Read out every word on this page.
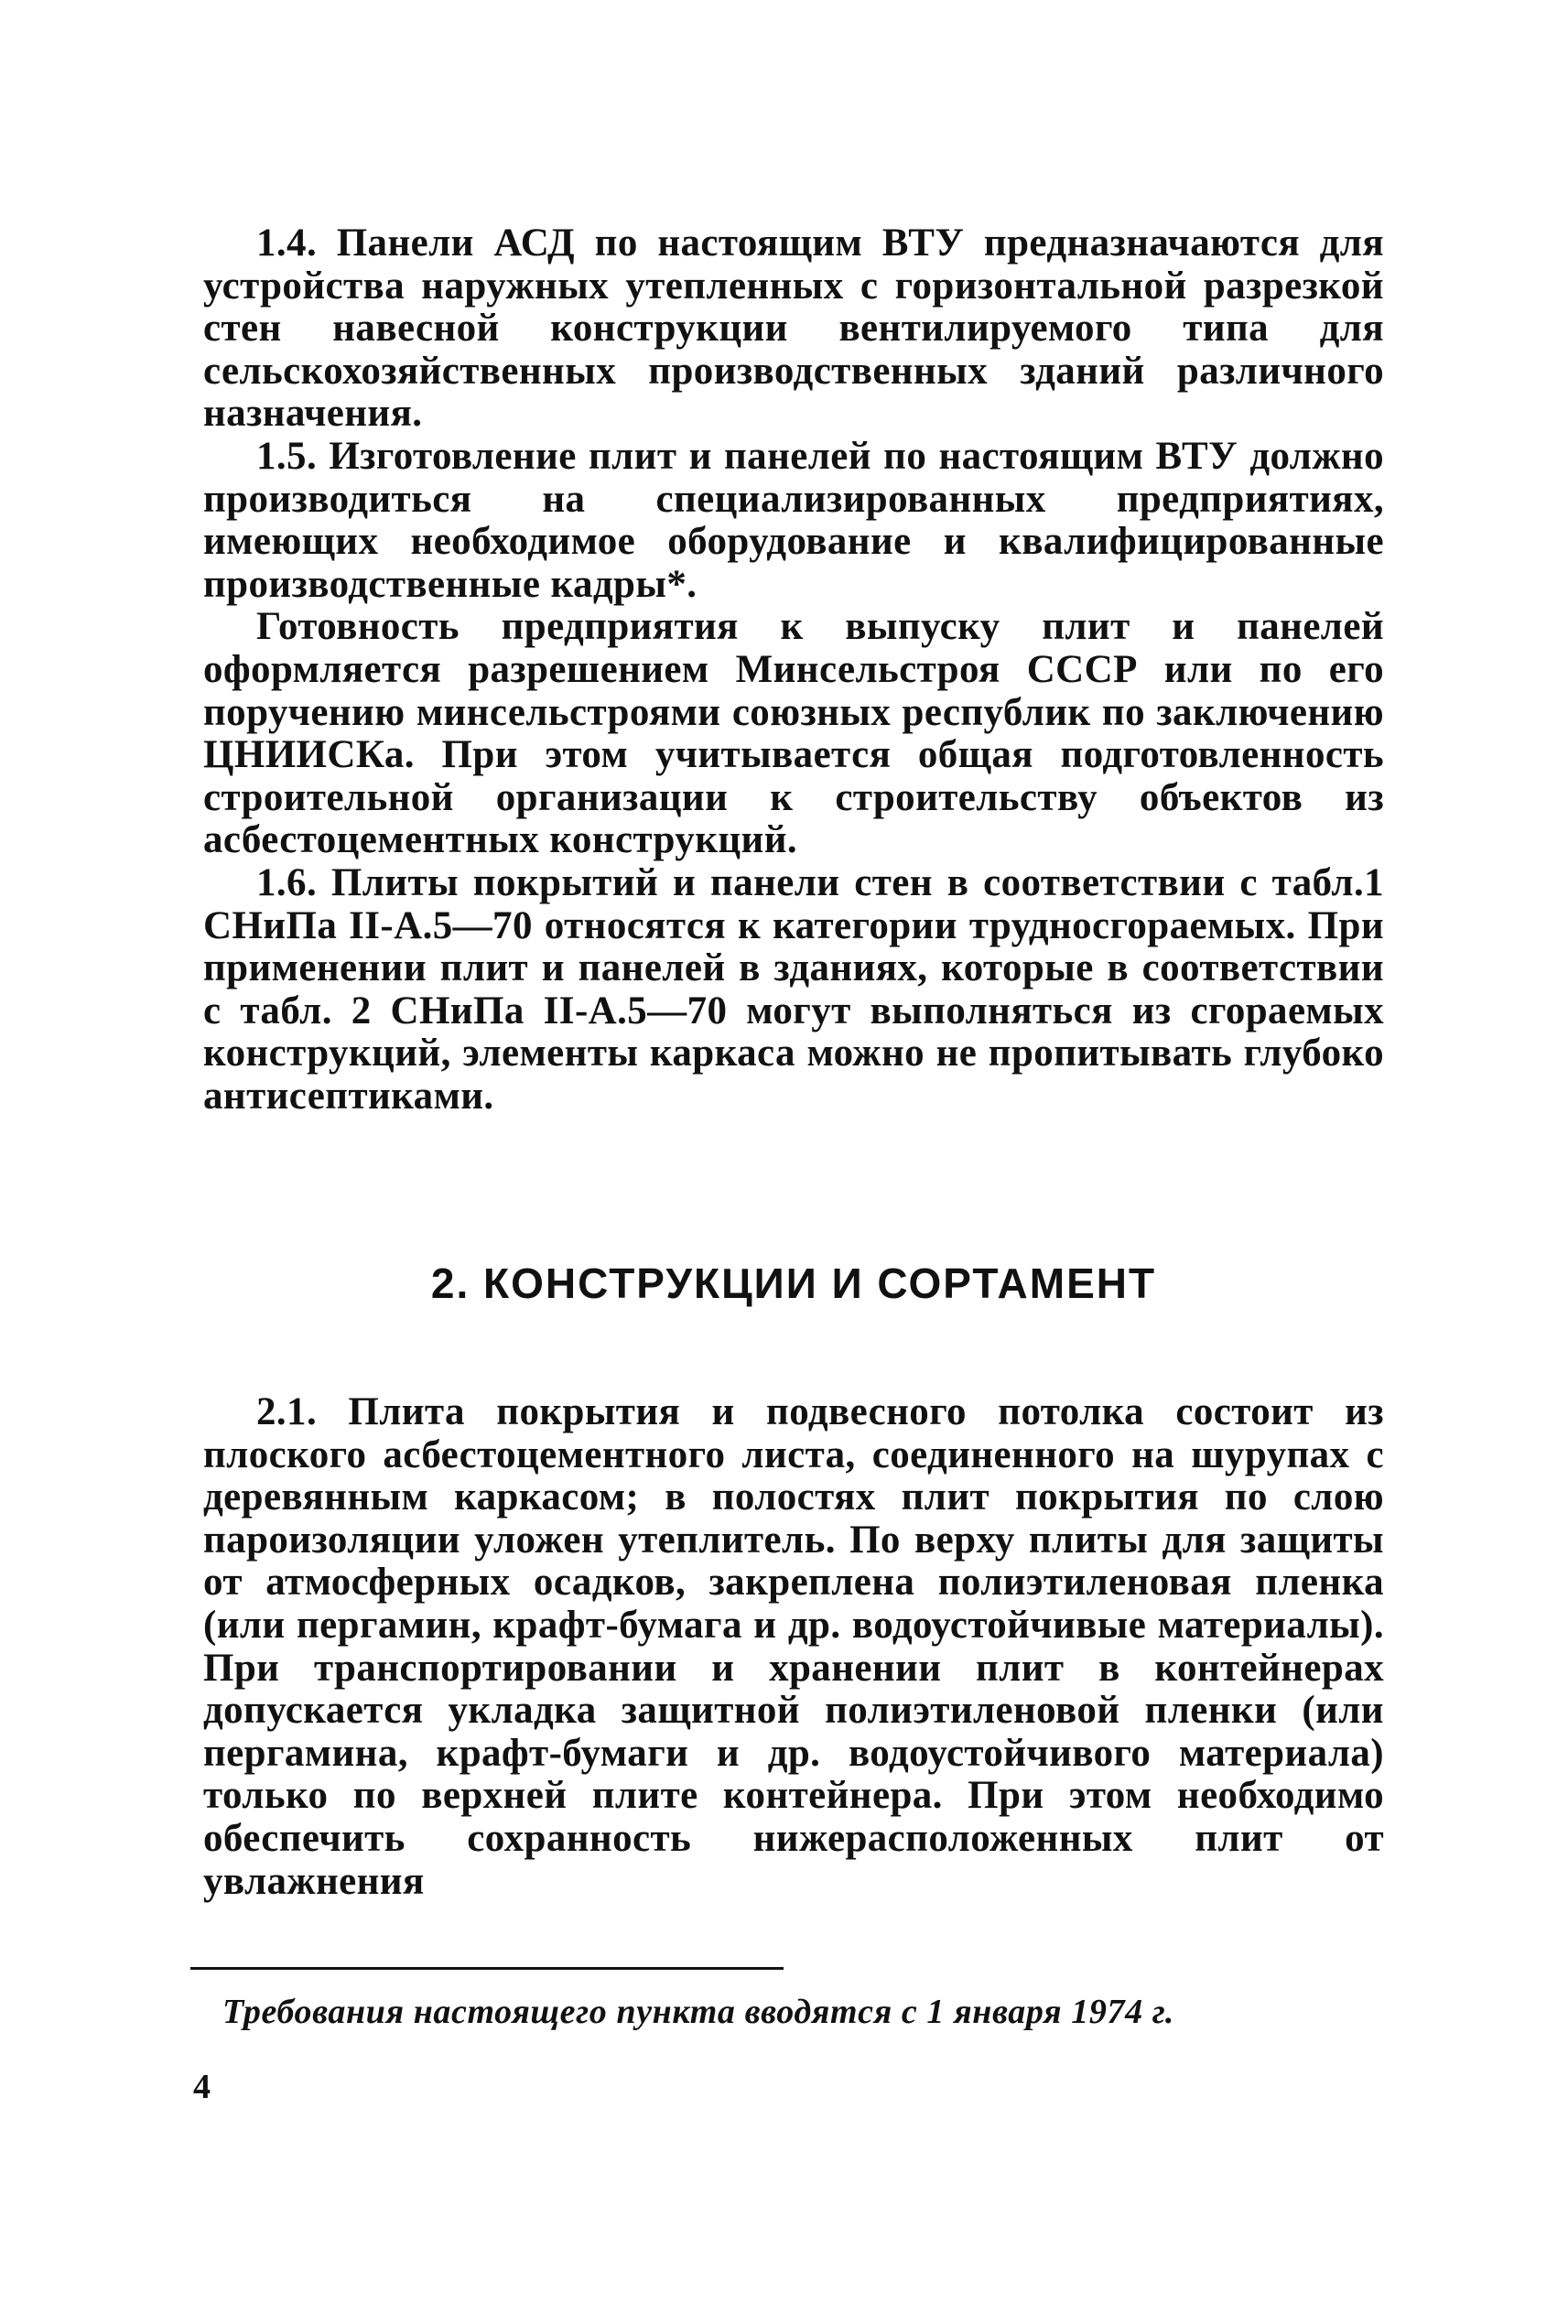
1.4. Панели АСД по настоящим ВТУ предназначаются для устройства наружных утепленных с горизонтальной разрезкой стен навесной конструкции вентилируемого типа для сельскохозяйственных производственных зданий различного назначения.

1.5. Изготовление плит и панелей по настоящим ВТУ должно производиться на специализированных предприятиях, имеющих необходимое оборудование и квалифицированные производственные кадры*.

Готовность предприятия к выпуску плит и панелей оформляется разрешением Минсельстроя СССР или по его поручению минсельстроями союзных республик по заключению ЦНИИСКа. При этом учитывается общая подготовленность строительной организации к строительству объектов из асбестоцементных конструкций.

1.6. Плиты покрытий и панели стен в соответствии с табл.1 СНиПа II-А.5—70 относятся к категории трудносгораемых. При применении плит и панелей в зданиях, которые в соответствии с табл. 2 СНиПа II-А.5—70 могут выполняться из сгораемых конструкций, элементы каркаса можно не пропитывать глубоко антисептиками.

2. КОНСТРУКЦИИ И СОРТАМЕНТ

2.1. Плита покрытия и подвесного потолка состоит из плоского асбестоцементного листа, соединенного на шурупах с деревянным каркасом; в полостях плит покрытия по слою пароизоляции уложен утеплитель. По верху плиты для защиты от атмосферных осадков, закреплена полиэтиленовая пленка (или пергамин, крафт-бумага и др. водоустойчивые материалы). При транспортировании и хранении плит в контейнерах допускается укладка защитной полиэтиленовой пленки (или пергамина, крафт-бумаги и др. водоустойчивого материала) только по верхней плите контейнера. При этом необходимо обеспечить сохранность нижерасположенных плит от увлажнения

Требования настоящего пункта вводятся с 1 января 1974 г.
4
